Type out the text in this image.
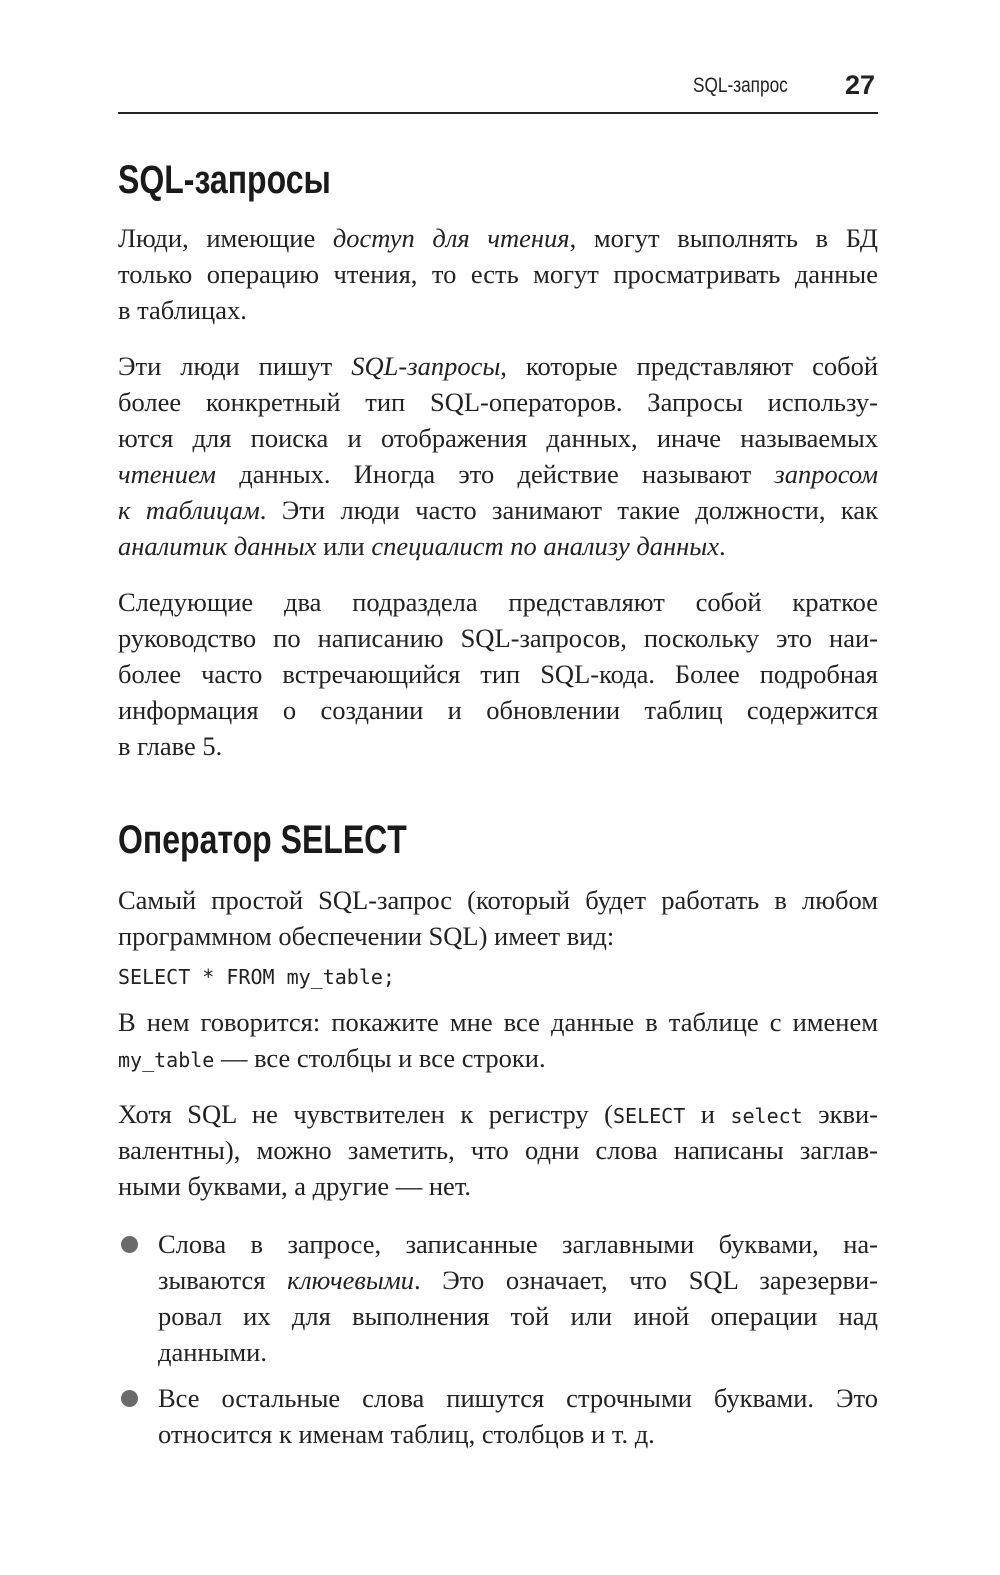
SQL-запрос 27
SQL-запросы
Люди, имеющие доступ для чтения, могут выполнять в БД
только операцию чтения, то есть могут просматривать данные
в таблицах.
Эти люди пишут SQL-запросы, которые представляют собой
более конкретный тип SQL-операторов. Запросы использу-
ются для поиска и отображения данных, иначе называемых
чтением данных. Иногда это действие называют запросом
к таблицам. Эти люди часто занимают такие должности, как
аналитик данных или специалист по анализу данных.
Следующие два подраздела представляют собой краткое
руководство по написанию SQL-запросов, поскольку это наи-
более часто встречающийся тип SQL-кода. Более подробная
информация о создании и обновлении таблиц содержится
в главе 5.
Оператор SELECT
Самый простой SQL-запрос (который будет работать в любом
программном обеспечении SQL) имеет вид:
SELECT * FROM my_table;
В нем говорится: покажите мне все данные в таблице с именем
my_table — все столбцы и все строки.
Хотя SQL не чувствителен к регистру (SELECT и select экви-
валентны), можно заметить, что одни слова написаны заглав-
ными буквами, а другие — нет.
Слова в запросе, записанные заглавными буквами, на-
зываются ключевыми. Это означает, что SQL зарезерви-
ровал их для выполнения той или иной операции над
данными.
Все остальные слова пишутся строчными буквами. Это
относится к именам таблиц, столбцов и т. д.
